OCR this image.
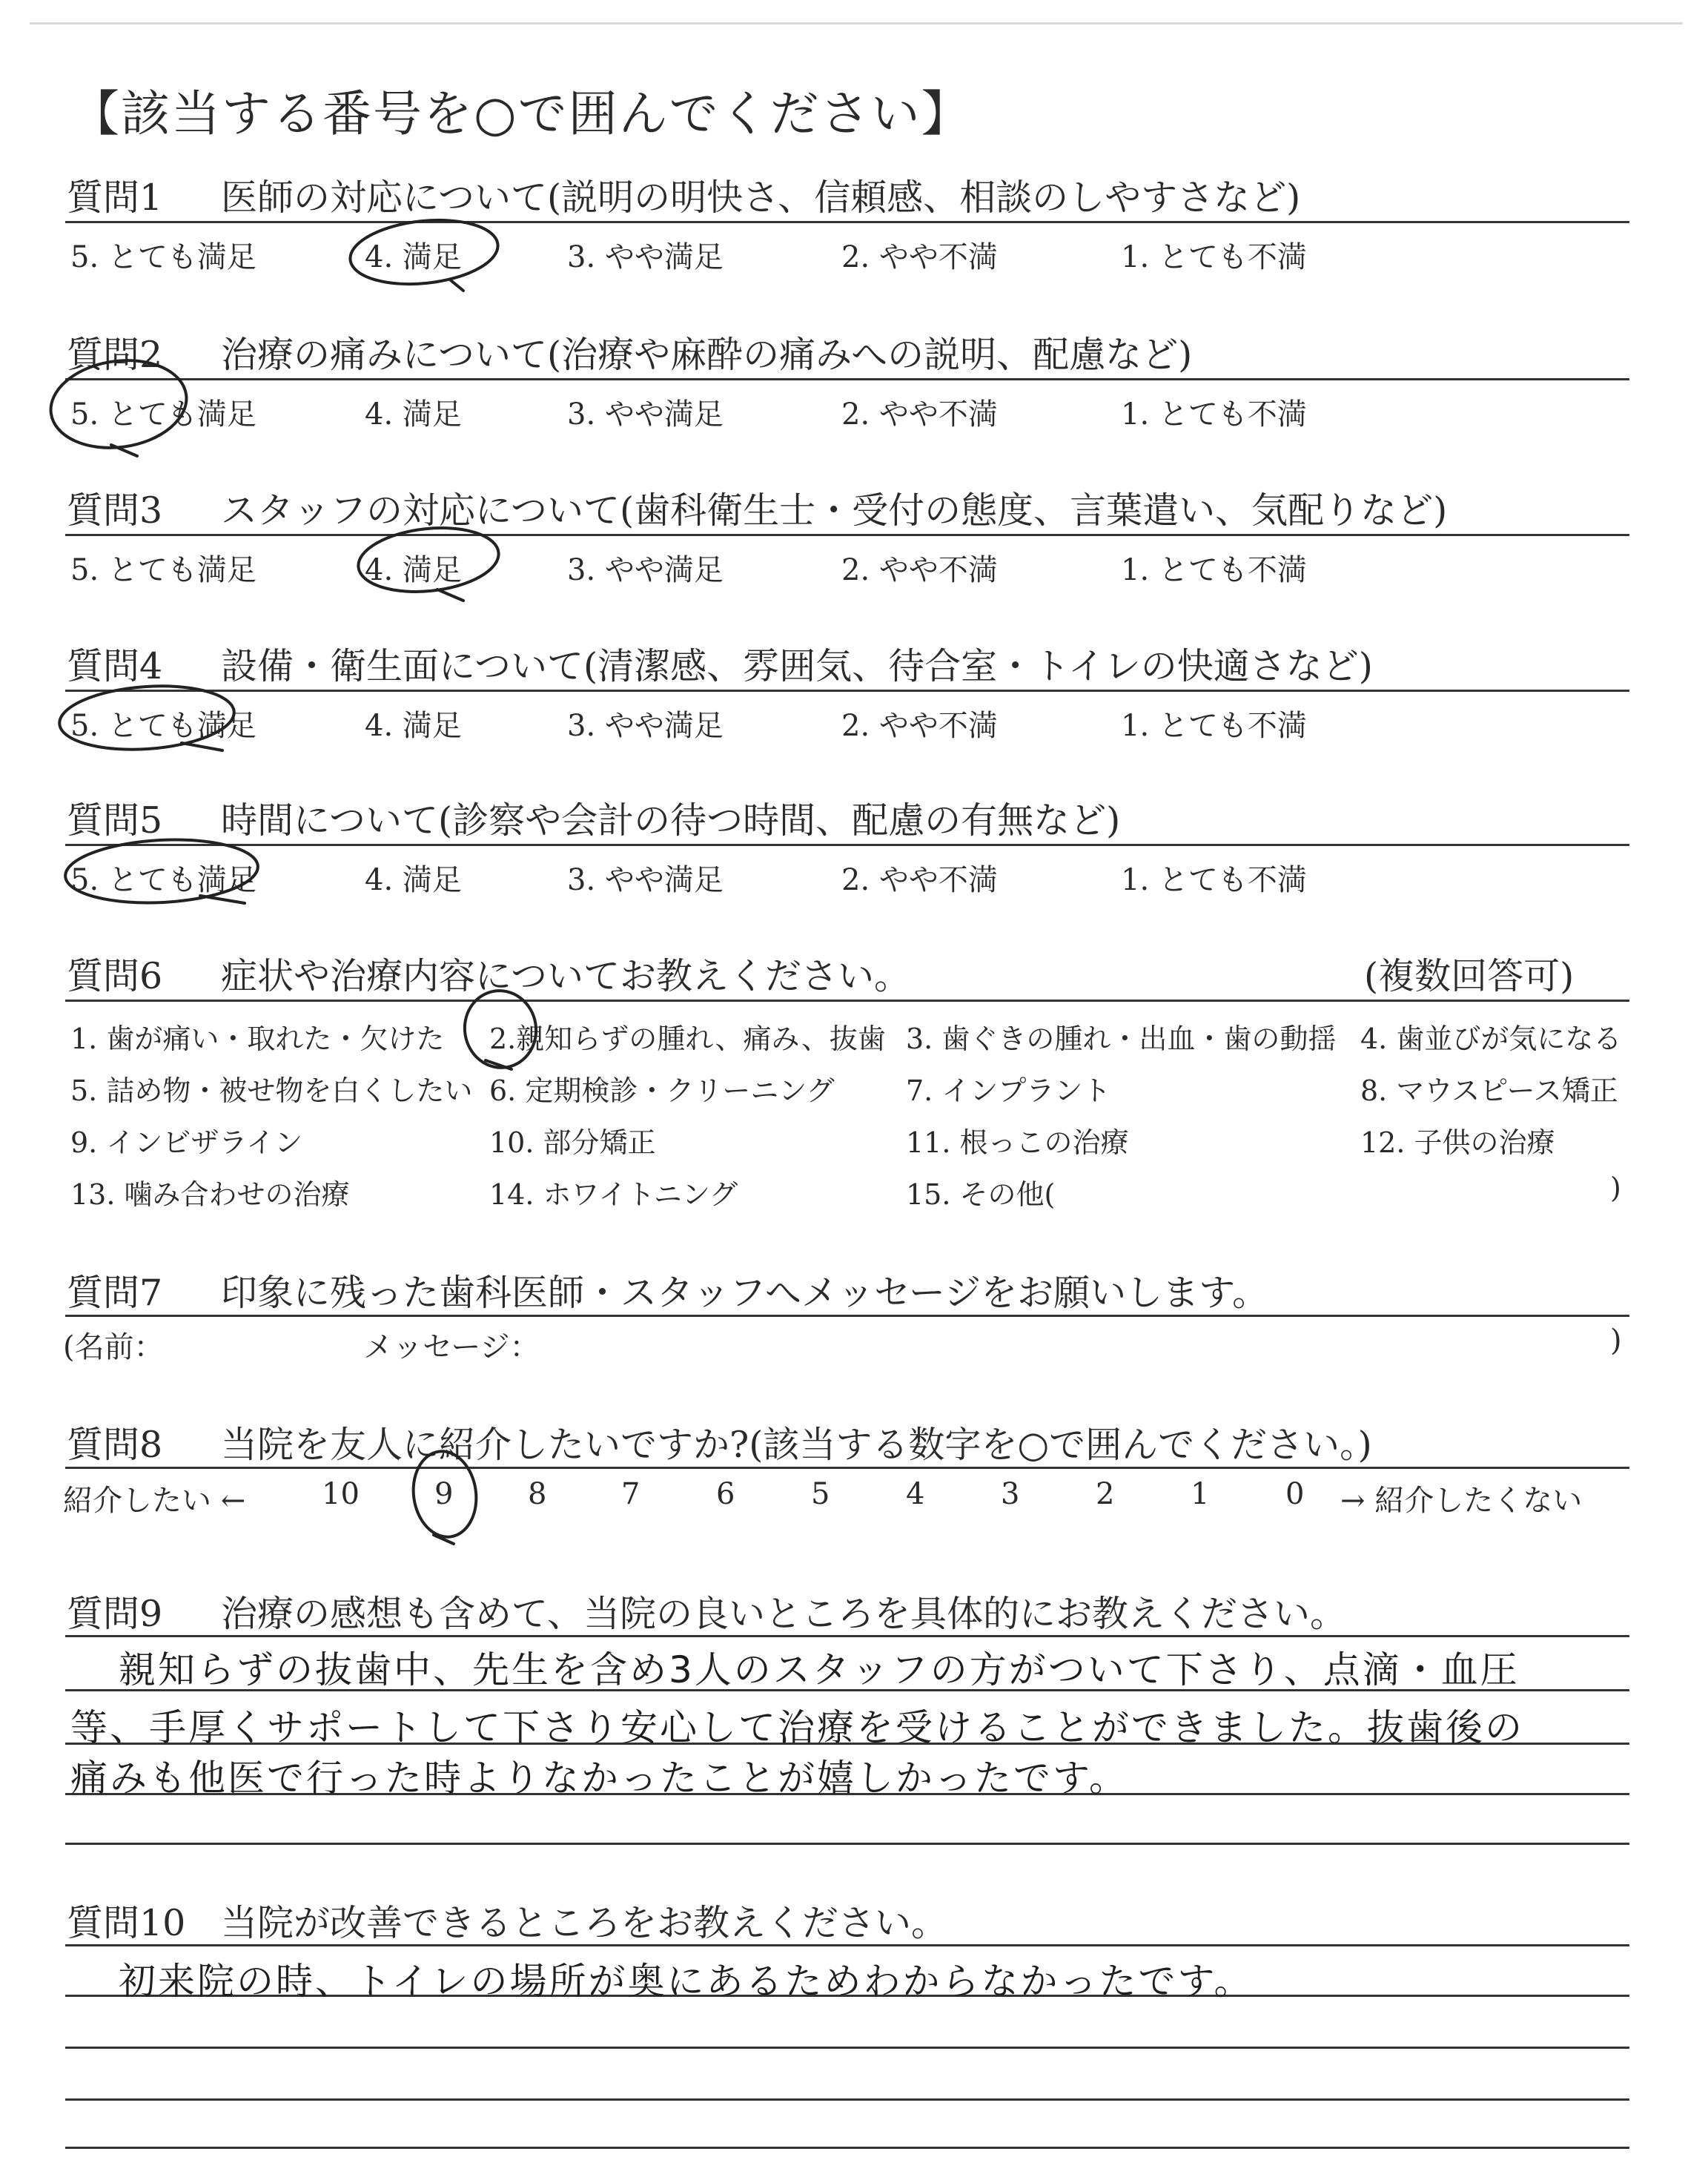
【該当する番号を○で囲んでください】
質問1 医師の対応について(説明の明快さ、信頼感、相談のしやすさなど)
5. とても満足	4. 満足	3. やや満足	2. やや不満	1. とても不満
質問2 治療の痛みについて(治療や麻酔の痛みへの説明、配慮など)
5. とても満足	4. 満足	3. やや満足	2. やや不満	1. とても不満
質問3 スタッフの対応について(歯科衛生士・受付の態度、言葉遣い、気配りなど)
5. とても満足	4. 満足	3. やや満足	2. やや不満	1. とても不満
質問4 設備・衛生面について(清潔感、雰囲気、待合室・トイレの快適さなど)
5. とても満足	4. 満足	3. やや満足	2. やや不満	1. とても不満
質問5 時間について(診察や会計の待つ時間、配慮の有無など)
5. とても満足	4. 満足	3. やや満足	2. やや不満	1. とても不満
質問6 症状や治療内容についてお教えください。	(複数回答可)
1. 歯が痛い・取れた・欠けた 2.親知らずの腫れ、痛み、抜歯 3. 歯ぐきの腫れ・出血・歯の動揺 4. 歯並びが気になる
5. 詰め物・被せ物を白くしたい 6. 定期検診・クリーニング	7. インプラント	8. マウスピース矯正
9. インビザライン	10. 部分矯正	11. 根っこの治療	12. 子供の治療
13. 噛み合わせの治療	14. ホワイトニング	15. その他(	)
質問7 印象に残った歯科医師・スタッフへメッセージをお願いします。
(名前：	メッセージ：	)
質問8 当院を友人に紹介したいですか?(該当する数字を○で囲んでください。)
紹介したい ←	→ 紹介したくない
10	9	8	7	6	5	4	3	2	1	0
質問9 治療の感想も含めて、当院の良いところを具体的にお教えください。
親知らずの抜歯中、先生を含め3人のスタッフの方がついて下さり、点滴・血圧
等、手厚くサポートして下さり安心して治療を受けることができました。抜歯後の
痛みも他医で行った時よりなかったことが嬉しかったです。
質問10 当院が改善できるところをお教えください。
初来院の時、トイレの場所が奥にあるためわからなかったです。
